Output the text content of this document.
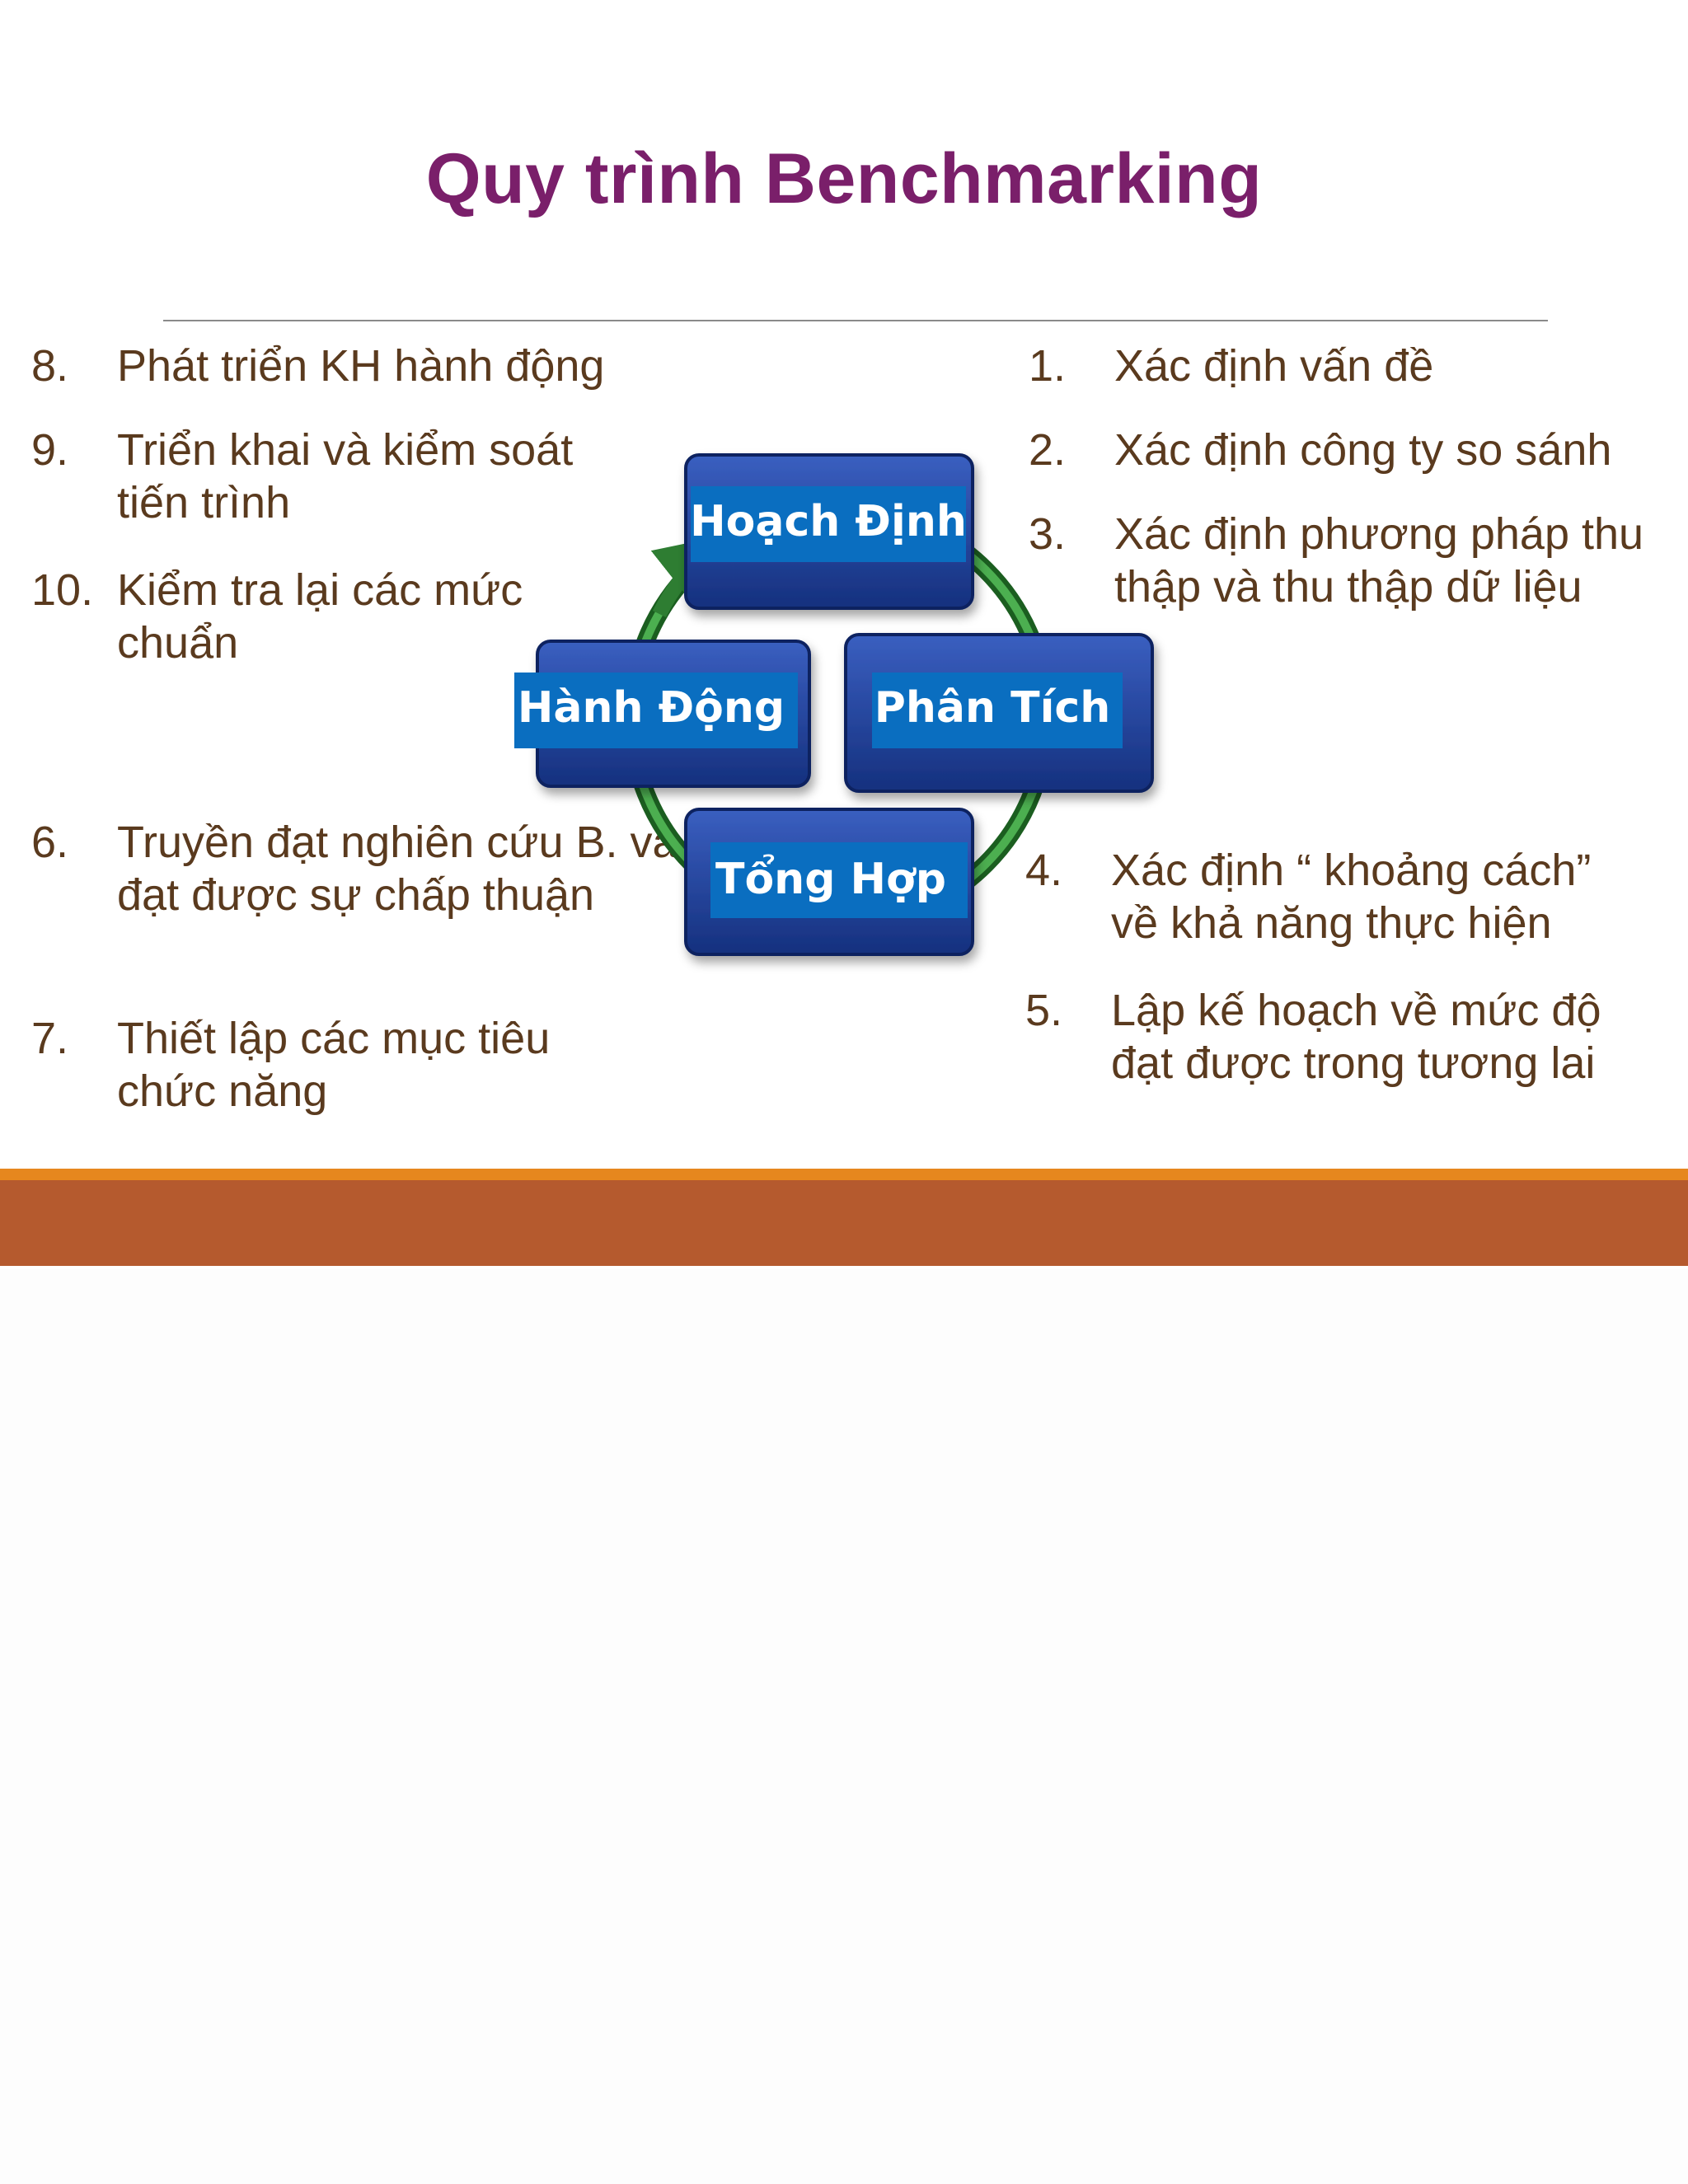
Quy trình Benchmarking
8. Phát triển KH hành động
9. Triển khai và kiểm soát tiến trình
10. Kiểm tra lại các mức chuẩn
6. Truyền đạt nghiên cứu B. và đạt được sự chấp thuận
7. Thiết lập các mục tiêu chức năng
1. Xác định vấn đề
2. Xác định công ty so sánh
3. Xác định phương pháp thu thập và thu thập dữ liệu
4. Xác định “ khoảng cách” về khả năng thực hiện
5. Lập kế hoạch về mức độ đạt được trong tương lai
Hoạch Định
Hành Động Phân Tích
Tổng Hợp
